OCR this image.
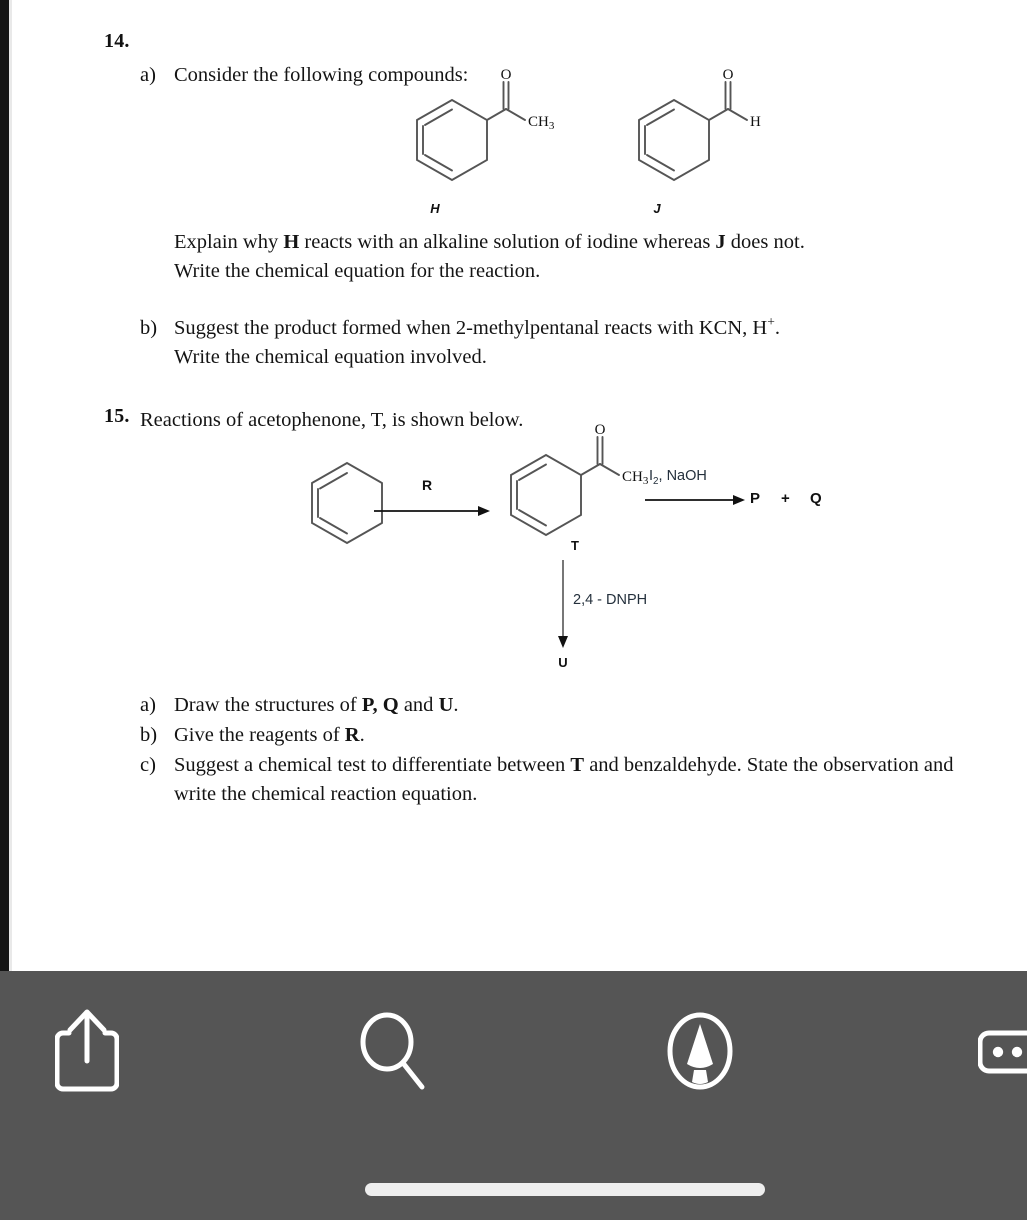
14.
a) Consider the following compounds:	O
$CH_3$
H
O
H
J
Explain why H reacts with an alkaline solution of iodine whereas J does not.
Write the chemical equation for the reaction.
b) Suggest the product formed when 2-methylpentanal reacts with KCN, H+.
Write the chemical equation involved.
15. Reactions of acetophenone, T, is shown below.
R
O
$CH_3$
T
$I_2$, NaOH
P + Q
2,4 - DNPH
U
a) Draw the structures of P, Q and U.
b) Give the reagents of R.
c) Suggest a chemical test to differentiate between T and benzaldehyde. State the observation and
write the chemical reaction equation.
